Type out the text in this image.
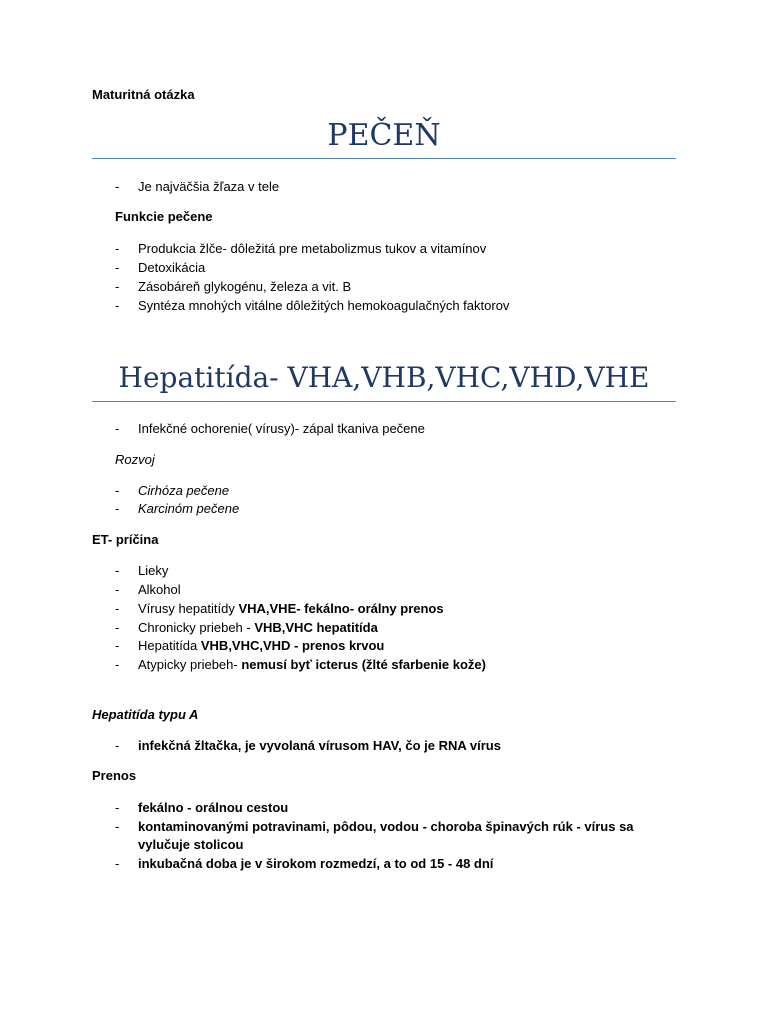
Maturitná otázka
PEČEŇ
- Je najväčšia žľaza v tele
Funkcie pečene
- Produkcia žlče- dôležitá pre metabolizmus tukov a vitamínov
- Detoxikácia
- Zásobáreň glykogénu, železa a vit. B
- Syntéza mnohých vitálne dôležitých hemokoagulačných faktorov
Hepatitída- VHA,VHB,VHC,VHD,VHE
- Infekčné ochorenie( vírusy)- zápal tkaniva pečene
Rozvoj
- Cirhóza pečene
- Karcinóm pečene
ET- príčina
- Lieky
- Alkohol
- Vírusy hepatitídy VHA,VHE- fekálno- orálny prenos
- Chronicky priebeh - VHB,VHC hepatitída
- Hepatitída VHB,VHC,VHD - prenos krvou
- Atypicky priebeh- nemusí byť icterus (žlté sfarbenie kože)
Hepatitída typu A
- infekčná žltačka, je vyvolaná vírusom HAV, čo je RNA vírus
Prenos
- fekálno - orálnou cestou
- kontaminovanými potravinami, pôdou, vodou - choroba špinavých rúk - vírus sa vylučuje stolicou
- inkubačná doba je v širokom rozmedzí, a to od 15 - 48 dní
